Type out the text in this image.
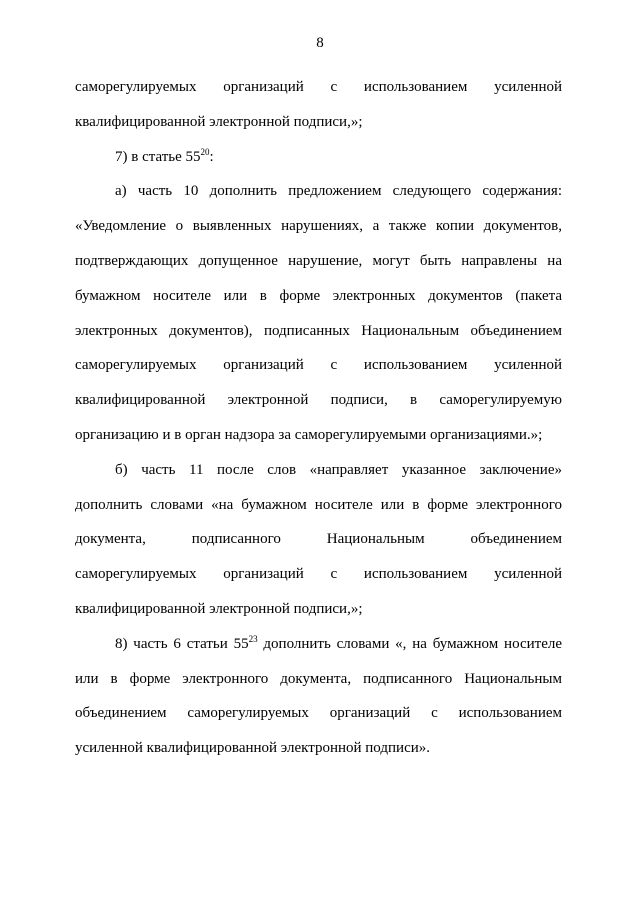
8
саморегулируемых организаций с использованием усиленной
квалифицированной электронной подписи,»;
7) в статье $55^{20}$:
а) часть 10 дополнить предложением следующего содержания:
«Уведомление о выявленных нарушениях, а также копии документов,
подтверждающих допущенное нарушение, могут быть направлены на
бумажном носителе или в форме электронных документов (пакета
электронных документов), подписанных Национальным объединением
саморегулируемых организаций с использованием усиленной
квалифицированной электронной подписи, в саморегулируемую
организацию и в орган надзора за саморегулируемыми организациями.»;
б) часть 11 после слов «направляет указанное заключение»
дополнить словами «на бумажном носителе или в форме электронного
документа, подписанного Национальным объединением
саморегулируемых организаций с использованием усиленной
квалифицированной электронной подписи,»;
8) часть 6 статьи $55^{23}$ дополнить словами «, на бумажном носителе
или в форме электронного документа, подписанного Национальным
объединением саморегулируемых организаций с использованием
усиленной квалифицированной электронной подписи».
